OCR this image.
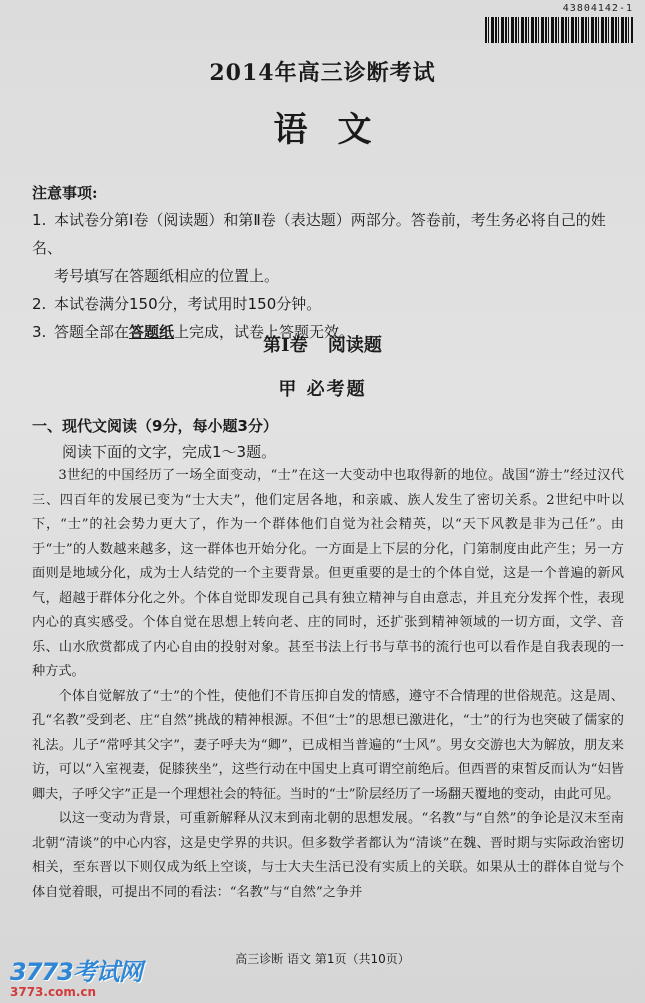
43804142-1
2014年高三诊断考试
语文

注意事项:

1. 本试卷分第Ⅰ卷（阅读题）和第Ⅱ卷（表达题）两部分。答卷前，考生务必将自己的姓名、
考号填写在答题纸相应的位置上。
2. 本试卷满分150分，考试用时150分钟。
3. 答题全部在答题纸上完成，试卷上答题无效。
第Ⅰ卷 阅读题
甲 必考题

一、现代文阅读（9分，每小题3分）

阅读下面的文字，完成1～3题。

3世纪的中国经历了一场全面变动，“士”在这一大变动中也取得新的地位。战国“游士”经过汉代三、四百年的发展已变为“士大夫”，他们定居各地，和亲戚、族人发生了密切关系。2世纪中叶以下，“士”的社会势力更大了，作为一个群体他们自觉为社会精英，以“天下风教是非为己任”。由于“士”的人数越来越多，这一群体也开始分化。一方面是上下层的分化，门第制度由此产生；另一方面则是地域分化，成为士人结党的一个主要背景。但更重要的是士的个体自觉，这是一个普遍的新风气，超越于群体分化之外。个体自觉即发现自己具有独立精神与自由意志，并且充分发挥个性，表现内心的真实感受。个体自觉在思想上转向老、庄的同时，还扩张到精神领域的一切方面，文学、音乐、山水欣赏都成了内心自由的投射对象。甚至书法上行书与草书的流行也可以看作是自我表现的一种方式。

个体自觉解放了“士”的个性，使他们不肯压抑自发的情感，遵守不合情理的世俗规范。这是周、孔“名教”受到老、庄“自然”挑战的精神根源。不但“士”的思想已激进化，“士”的行为也突破了儒家的礼法。儿子“常呼其父字”，妻子呼夫为“卿”，已成相当普遍的“士风”。男女交游也大为解放，朋友来访，可以“入室视妻，促膝狭坐”，这些行动在中国史上真可谓空前绝后。但西晋的束皙反而认为“妇皆卿夫，子呼父字”正是一个理想社会的特征。当时的“士”阶层经历了一场翻天覆地的变动，由此可见。

以这一变动为背景，可重新解释从汉末到南北朝的思想发展。“名教”与“自然”的争论是汉末至南北朝“清谈”的中心内容，这是史学界的共识。但多数学者都认为“清谈”在魏、晋时期与实际政治密切相关，至东晋以下则仅成为纸上空谈，与士大夫生活已没有实质上的关联。如果从士的群体自觉与个体自觉着眼，可提出不同的看法：“名教”与“自然”之争并

高三诊断 语文 第1页（共10页）
3773考试网
3773.com.cn
